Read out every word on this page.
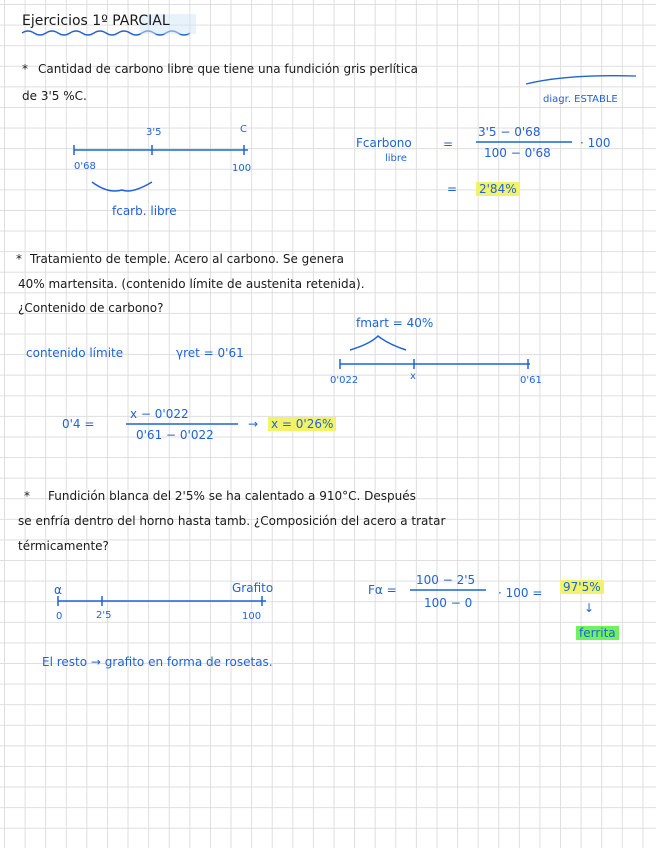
Ejercicios 1º PARCIAL
* Cantidad de carbono libre que tiene una fundición gris perlítica
de 3'5 %C.	diagr. ESTABLE
3'5	C
0'68	100
fcarb. libre
Fcarbono
libre
=
3'5 − 0'68
100 − 0'68
· 100
= 2'84%
* Tratamiento de temple. Acero al carbono. Se genera
40% martensita. (contenido límite de austenita retenida).
¿Contenido de carbono?
fmart = 40%
contenido límite	γret = 0'61
0'022	x	0'61
0'4 =
x − 0'022
0'61 − 0'022
→ x = 0'26%
* Fundición blanca del 2'5% se ha calentado a 910°C. Después
se enfría dentro del horno hasta tamb. ¿Composición del acero a tratar
térmicamente?
α	Grafito
0	2'5	100
Fα =
100 − 2'5
100 − 0
· 100 = 97'5%
↓
ferrita
El resto → grafito en forma de rosetas.
